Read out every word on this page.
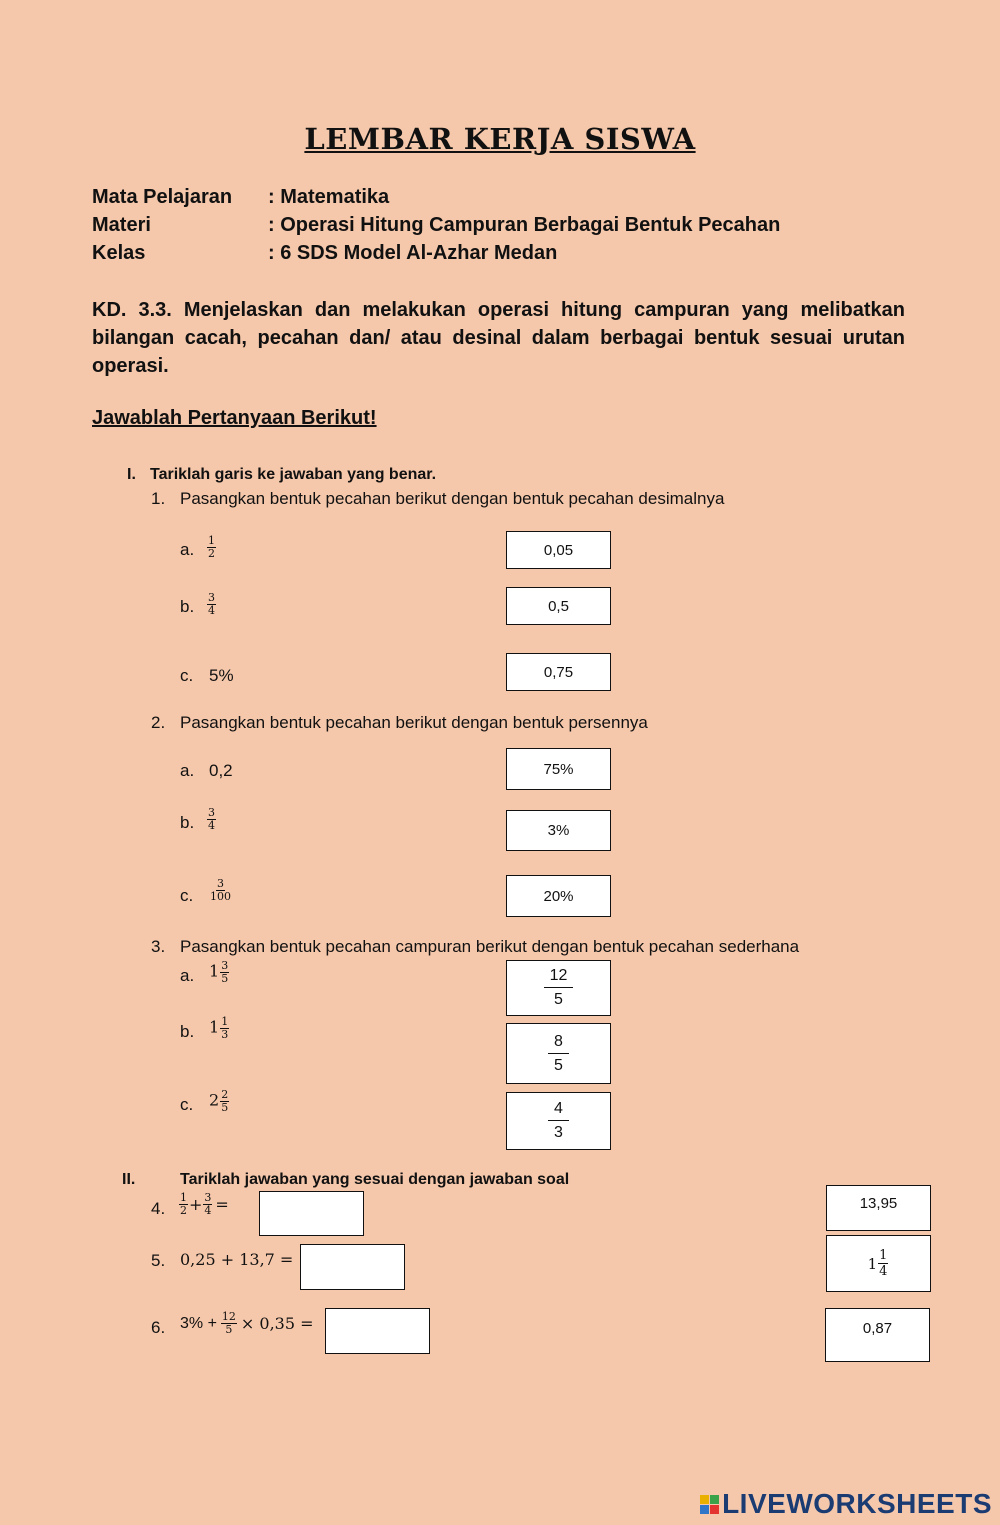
LEMBAR KERJA SISWA
Mata Pelajaran : Matematika
Materi	: Operasi Hitung Campuran Berbagai Bentuk Pecahan
Kelas	: 6 SDS Model Al-Azhar Medan
KD. 3.3. Menjelaskan dan melakukan operasi hitung campuran yang melibatkan bilangan cacah, pecahan dan/ atau desinal dalam berbagai bentuk sesuai urutan operasi.
Jawablah Pertanyaan Berikut!
I. Tariklah garis ke jawaban yang benar.
1. Pasangkan bentuk pecahan berikut dengan bentuk pecahan desimalnya
a. $\frac{1}{2}$
b. $\frac{3}{4}$
c. 5%
0,05
0,5
0,75
2. Pasangkan bentuk pecahan berikut dengan bentuk persennya
a. 0,2
b. $\frac{3}{4}$
c. $\frac{3}{100}$
75%
3%
20%
3. Pasangkan bentuk pecahan campuran berikut dengan bentuk pecahan sederhana
a. $1 \frac{3}{5}$
b. $1 \frac{1}{3}$
c. $2 \frac{2}{5}$
12
5
8
5
4
3
II.	Tariklah jawaban yang sesuai dengan jawaban soal
4. $\frac{1}{2} + \frac{3}{4}$ =
5. 0,25 + 13,7 =
6. $3\% + \frac{12}{5} \times 0,35$ =
13,95
$1 \frac{1}{4}$
0,87
LIVEWORKSHEETS
